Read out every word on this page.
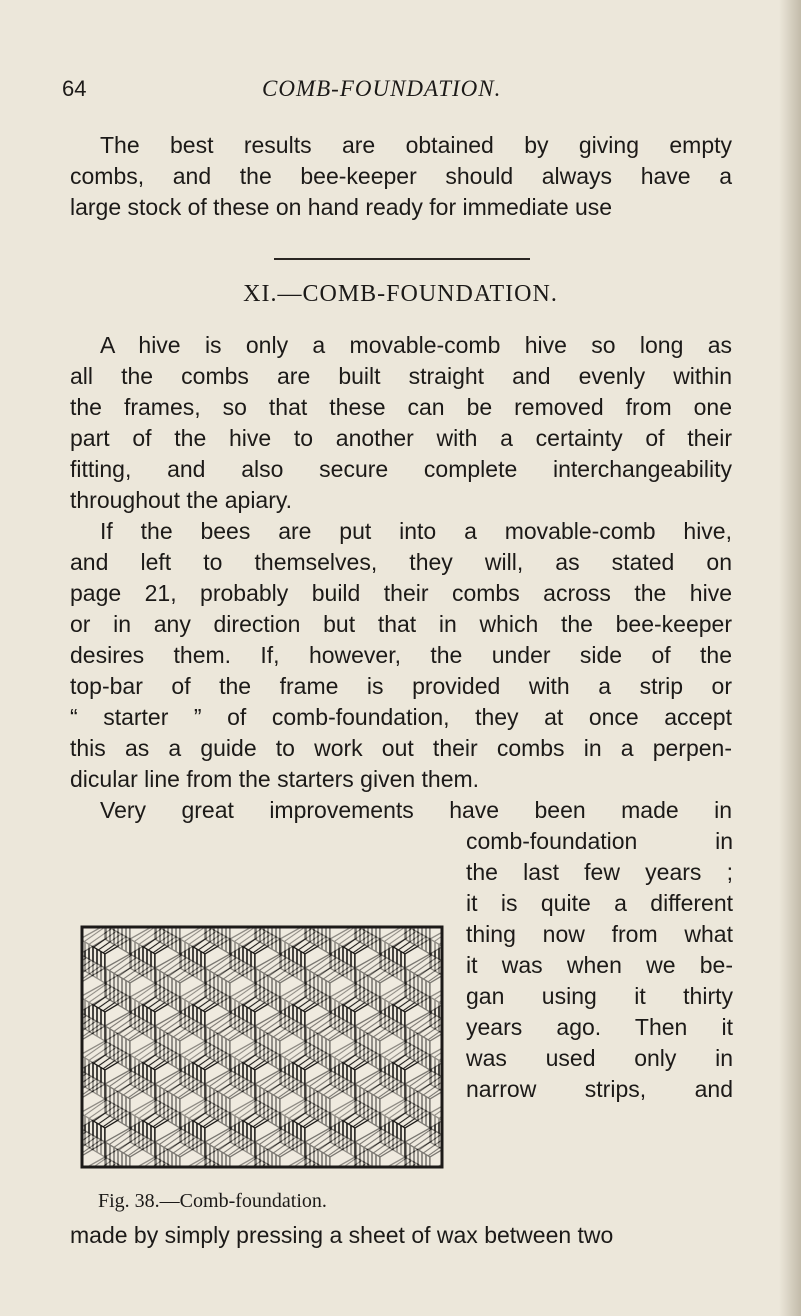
64	COMB-FOUNDATION.
The best results are obtained by giving empty
combs, and the bee-keeper should always have a
large stock of these on hand ready for immediate use
XI.—COMB-FOUNDATION.
A hive is only a movable-comb hive so long as
all the combs are built straight and evenly within
the frames, so that these can be removed from one
part of the hive to another with a certainty of their
fitting, and also secure complete interchangeability
throughout the apiary.
If the bees are put into a movable-comb hive,
and left to themselves, they will, as stated on
page 21, probably build their combs across the hive
or in any direction but that in which the bee-keeper
desires them. If, however, the under side of the
top-bar of the frame is provided with a strip or
“ starter ” of comb-foundation, they at once accept
this as a guide to work out their combs in a perpen-
dicular line from the starters given them.
Very great improvements have been made in
comb-foundation in
the last few years ;
it is quite a different
thing now from what
it was when we be-
gan using it thirty
years ago. Then it
was used only in
narrow strips, and
Fig. 38.—Comb-foundation.
made by simply pressing a sheet of wax between two
